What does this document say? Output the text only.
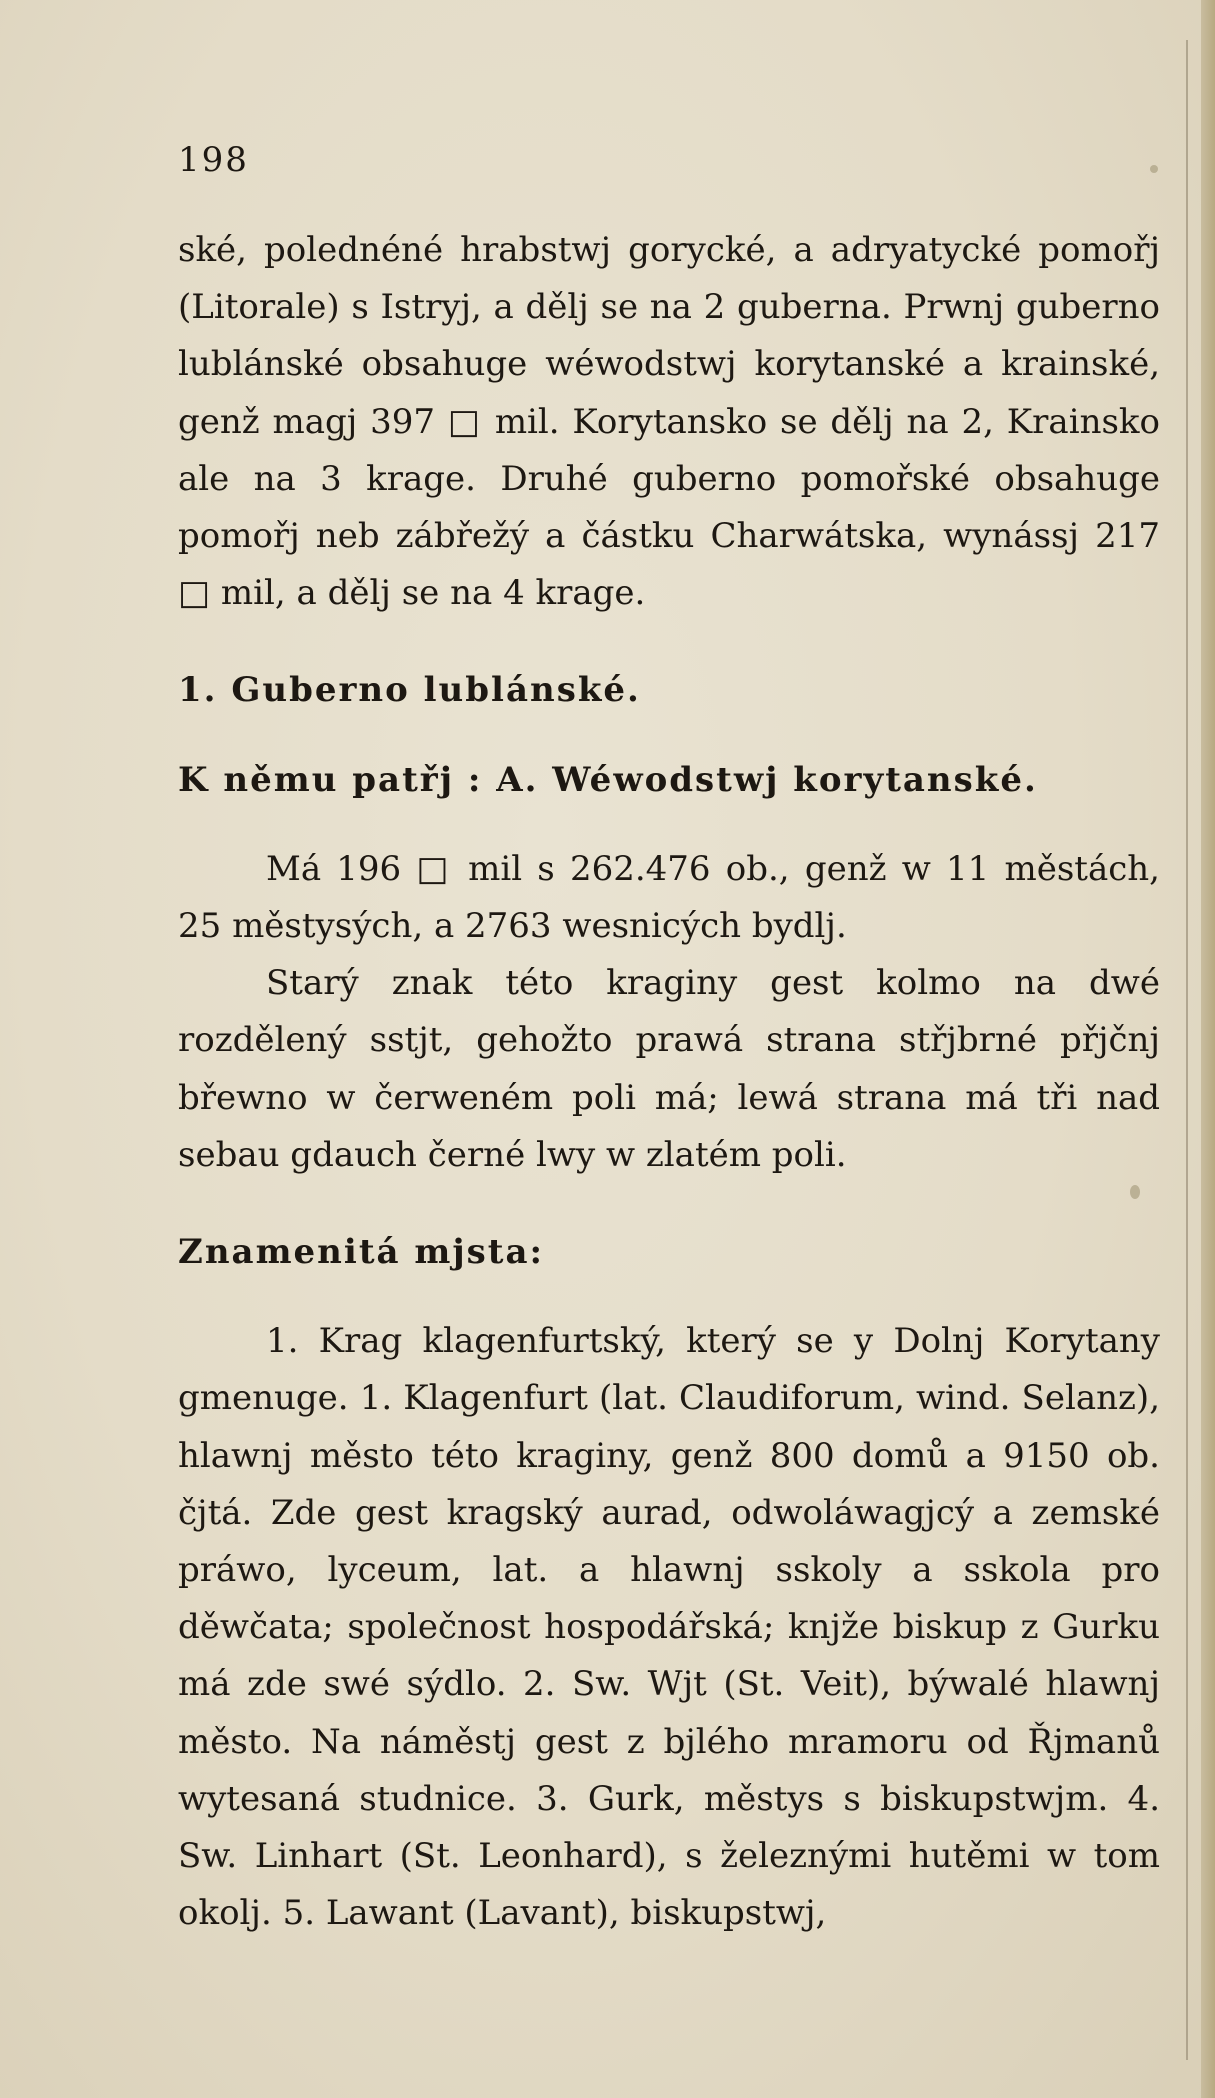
198

ské, polednéné hrabstwj gorycké, a adryatycké pomořj (Litorale) s Istryj, a dělj se na 2 guberna. Prwnj guberno lublánské obsahuge wéwodstwj korytanské a krainské, genž magj 397 □ mil. Korytansko se dělj na 2, Krainsko ale na 3 krage. Druhé guberno pomořské obsahuge pomořj neb zábřežý a částku Charwátska, wynássj 217 □ mil, a dělj se na 4 krage.

1. Guberno lublánské.

K němu patřj : A. Wéwodstwj korytanské.

Má 196 □ mil s 262.476 ob., genž w 11 městách, 25 městysých, a 2763 wesnicých bydlj.

Starý znak této kraginy gest kolmo na dwé rozdělený sstjt, gehožto prawá strana střjbrné přjčnj břewno w čerweném poli má; lewá strana má tři nad sebau gdauch černé lwy w zlatém poli.

Znamenitá mjsta:

1. Krag klagenfurtský, který se y Dolnj Korytany gmenuge. 1. Klagenfurt (lat. Claudiforum, wind. Selanz), hlawnj město této kraginy, genž 800 domů a 9150 ob. čjtá. Zde gest kragský aurad, odwoláwagjcý a zemské práwo, lyceum, lat. a hlawnj sskoly a sskola pro děwčata; společnost hospodářská; knjže biskup z Gurku má zde swé sýdlo. 2. Sw. Wjt (St. Veit), býwalé hlawnj město. Na náměstj gest z bjlého mramoru od Řjmanů wytesaná studnice. 3. Gurk, městys s biskupstwjm. 4. Sw. Linhart (St. Leonhard), s železnými hutěmi w tom okolj. 5. Lawant (Lavant), biskupstwj,
